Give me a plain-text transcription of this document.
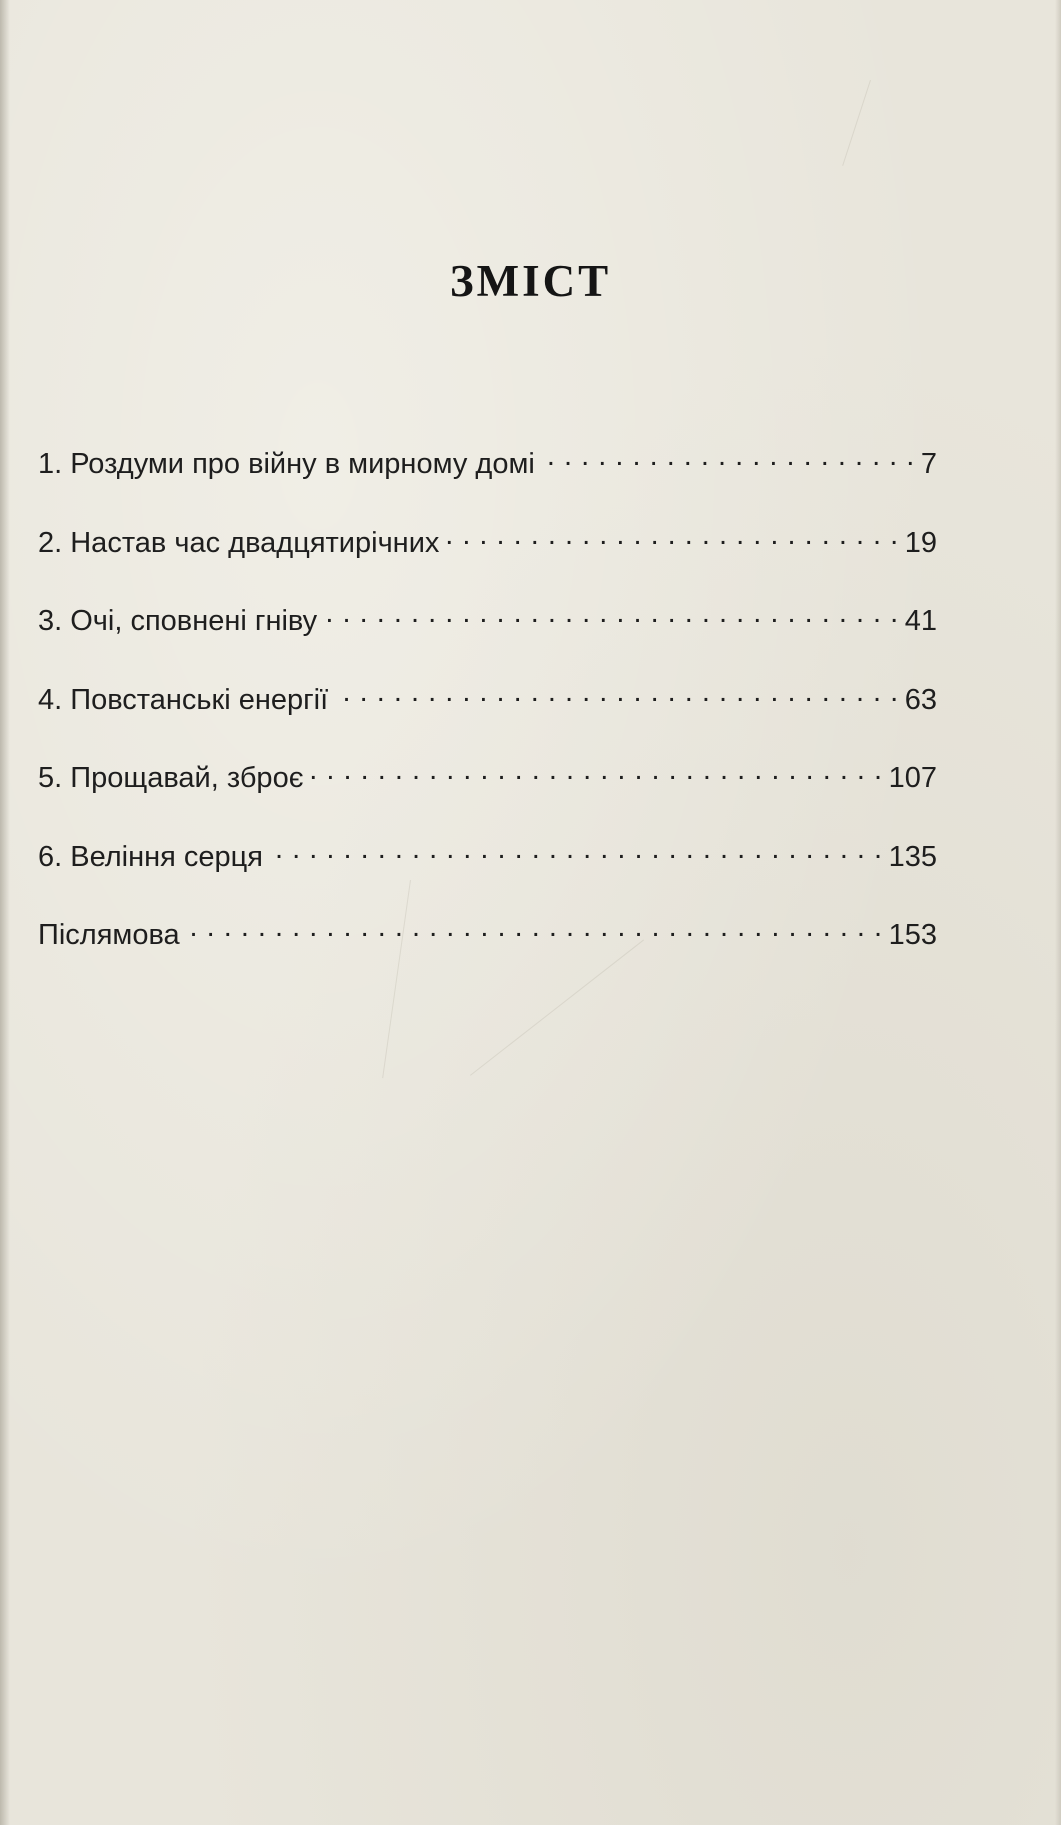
ЗМІСТ
1. Роздуми про війну в мирному домі . . .	7
2. Настав час двадцятирічних . . .	19
3. Очі, сповнені гніву . . .	41
4. Повстанські енергії . . .	63
5. Прощавай, зброє . . .	107
6. Веління серця . . .	135
Післямова . . .	153
